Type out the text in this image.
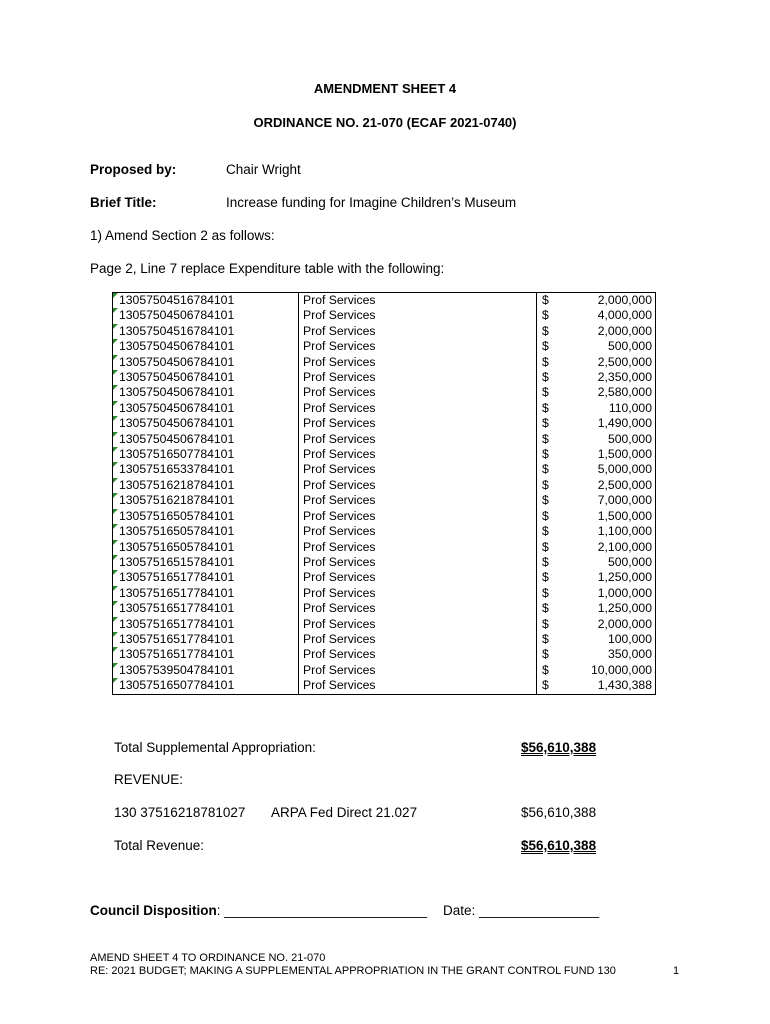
AMENDMENT SHEET 4
ORDINANCE NO. 21-070 (ECAF 2021-0740)
Proposed by:	Chair Wright
Brief Title:	Increase funding for Imagine Children’s Museum
1) Amend Section 2 as follows:
Page 2, Line 7 replace Expenditure table with the following:
13057504516784101	Prof Services	$ 2,000,000

13057504506784101	Prof Services	$ 4,000,000

13057504516784101	Prof Services	$ 2,000,000

13057504506784101	Prof Services	$ 500,000

13057504506784101	Prof Services	$ 2,500,000

13057504506784101	Prof Services	$ 2,350,000

13057504506784101	Prof Services	$ 2,580,000

13057504506784101	Prof Services	$ 110,000

13057504506784101	Prof Services	$ 1,490,000

13057504506784101	Prof Services	$ 500,000

13057516507784101	Prof Services	$ 1,500,000

13057516533784101	Prof Services	$ 5,000,000

13057516218784101	Prof Services	$ 2,500,000

13057516218784101	Prof Services	$ 7,000,000

13057516505784101	Prof Services	$ 1,500,000

13057516505784101	Prof Services	$ 1,100,000

13057516505784101	Prof Services	$ 2,100,000

13057516515784101	Prof Services	$ 500,000

13057516517784101	Prof Services	$ 1,250,000

13057516517784101	Prof Services	$ 1,000,000

13057516517784101	Prof Services	$ 1,250,000

13057516517784101	Prof Services	$ 2,000,000

13057516517784101	Prof Services	$ 100,000

13057516517784101	Prof Services	$ 350,000

13057539504784101	Prof Services	$ 10,000,000

13057516507784101	Prof Services	$ 1,430,388
Total Supplemental Appropriation:	$56,610,388
REVENUE:
130 37516218781027 ARPA Fed Direct 21.027	$56,610,388
Total Revenue:	$56,610,388
Council Disposition: ___________________________ Date: ________________
AMEND SHEET 4 TO ORDINANCE NO. 21-070
RE: 2021 BUDGET; MAKING A SUPPLEMENTAL APPROPRIATION IN THE GRANT CONTROL FUND 130	1
